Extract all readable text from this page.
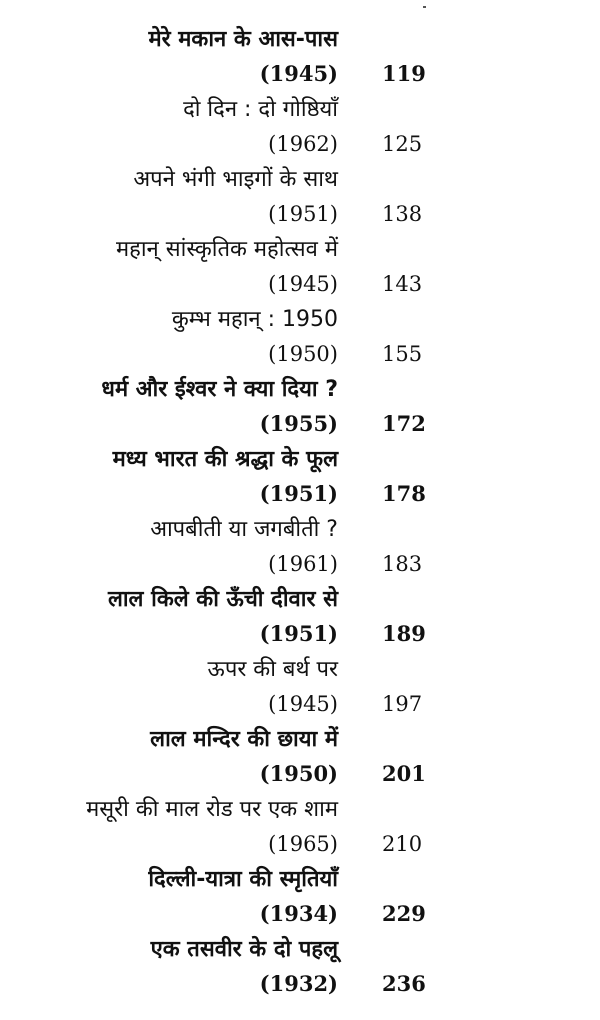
मेरे मकान के आस-पास
(1945) 119
दो दिन : दो गोष्ठियाँ
(1962) 125
अपने भंगी भाइगों के साथ
(1951) 138
महान् सांस्कृतिक महोत्सव में
(1945) 143
कुम्भ महान् : 1950
(1950) 155
धर्म और ईश्वर ने क्या दिया ?
(1955) 172
मध्य भारत की श्रद्धा के फूल
(1951) 178
आपबीती या जगबीती ?
(1961) 183
लाल किले की ऊँची दीवार से
(1951) 189
ऊपर की बर्थ पर
(1945) 197
लाल मन्दिर की छाया में
(1950) 201
मसूरी की माल रोड पर एक शाम
(1965) 210
दिल्ली-यात्रा की स्मृतियाँ
(1934) 229
एक तसवीर के दो पहलू
(1932) 236
